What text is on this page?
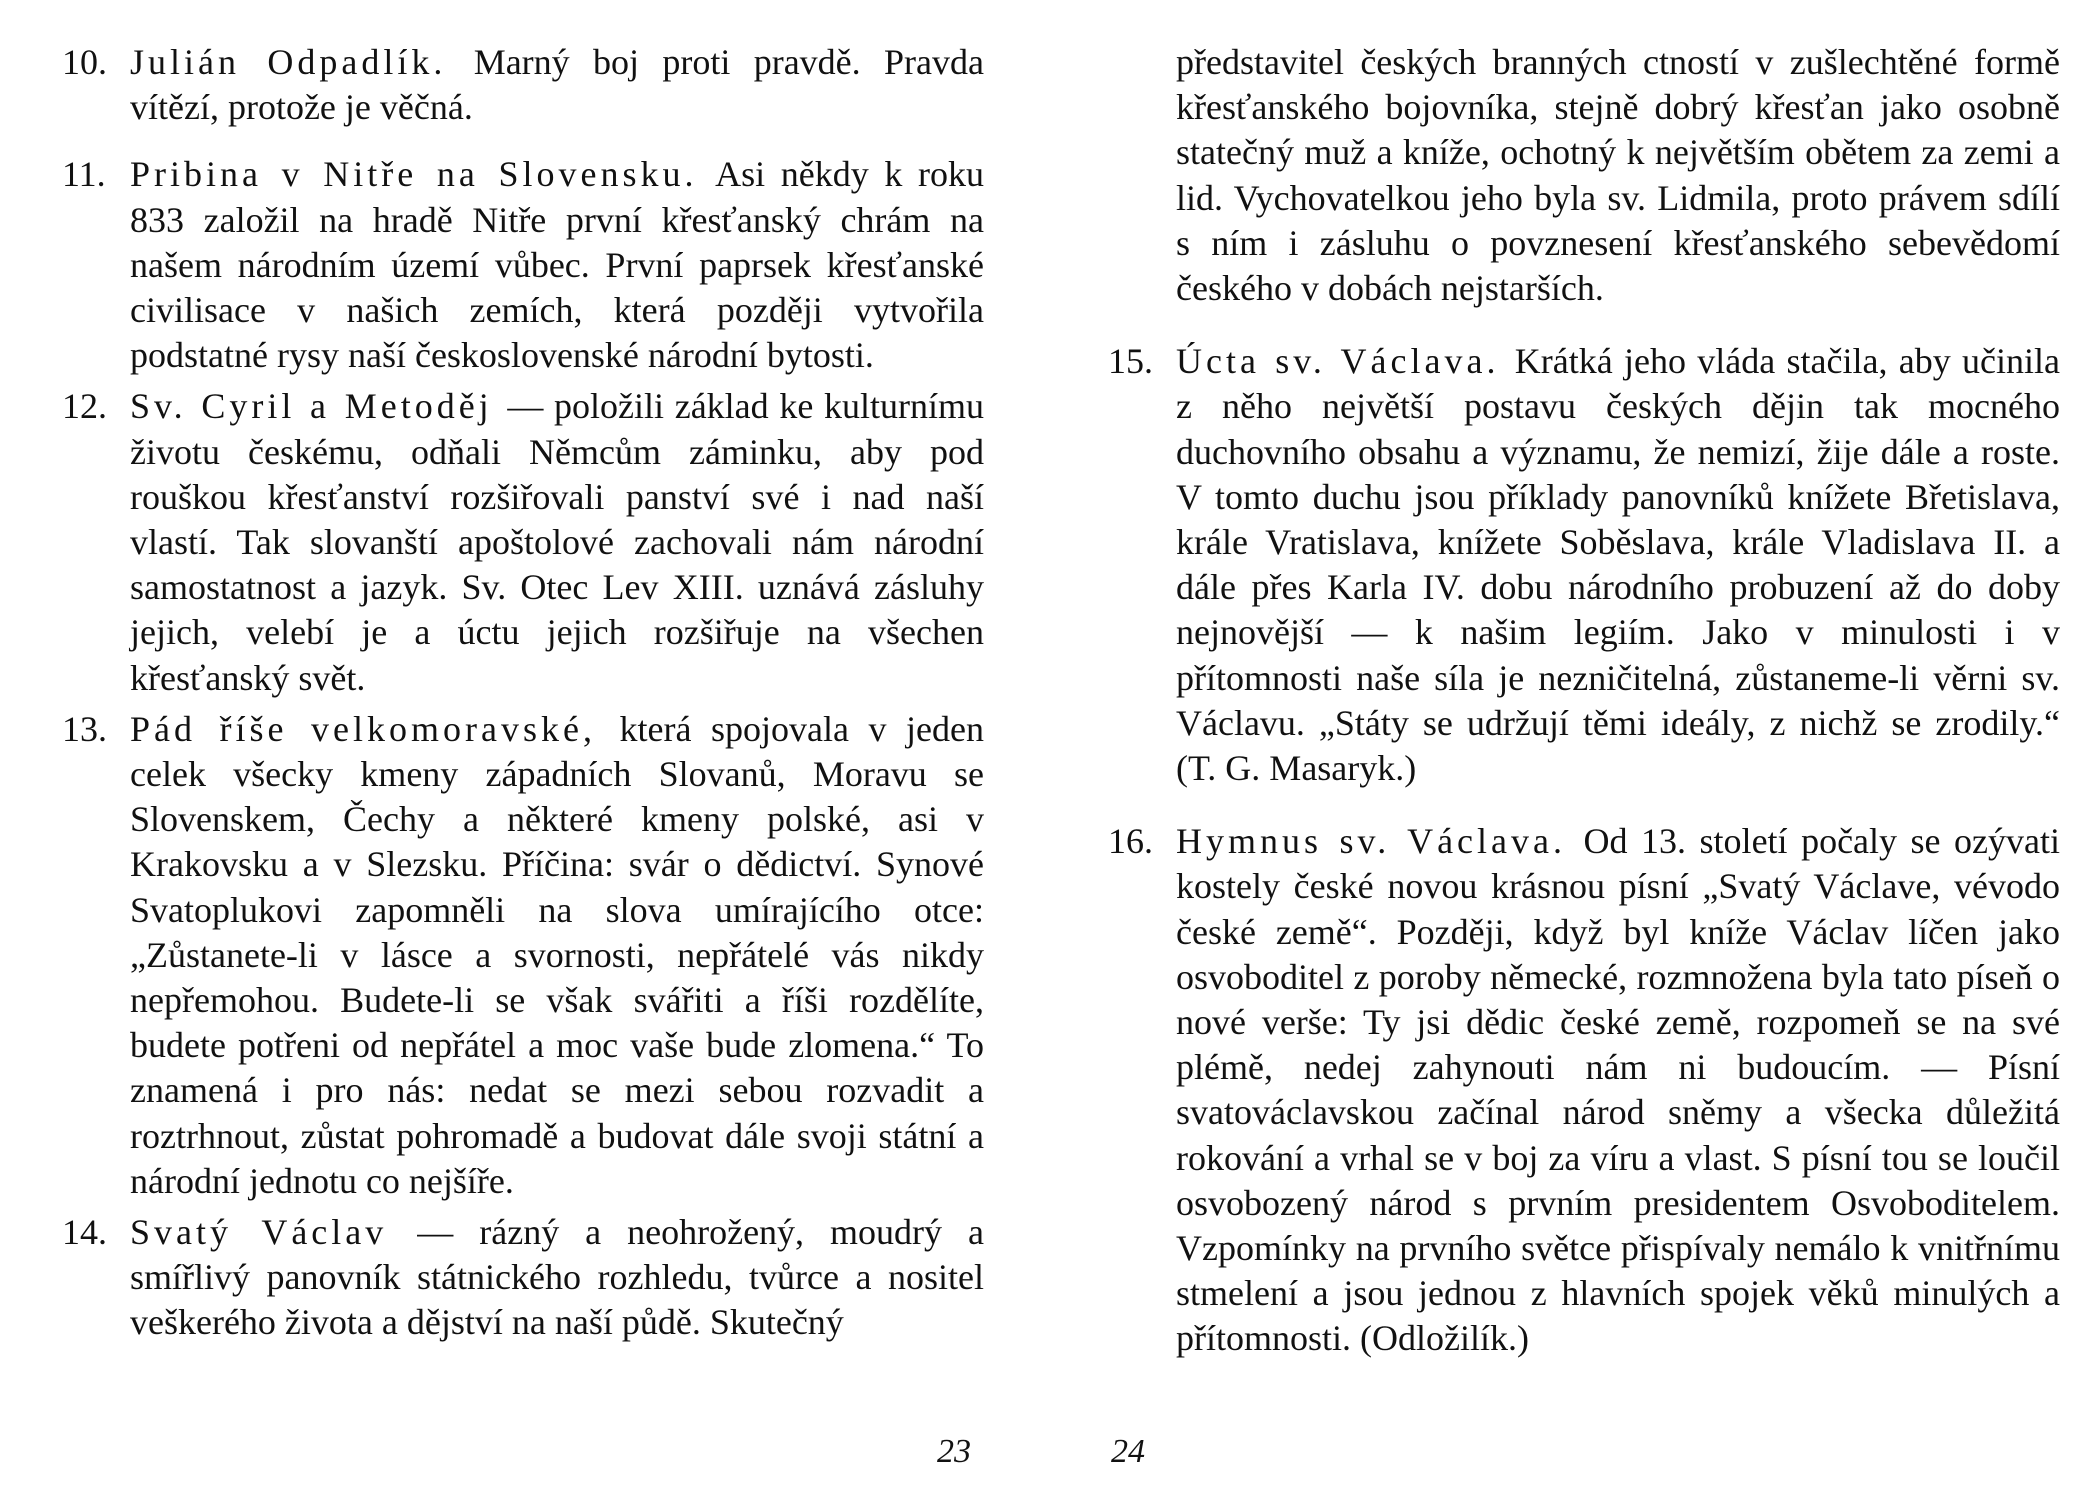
10. Julián Odpadlík. Marný boj proti pravdě. Pravda vítězí, protože je věčná.
11. Pribina v Nitře na Slovensku. Asi někdy k roku 833 založil na hradě Nitře první křesťanský chrám na našem národním území vůbec. První paprsek křesťanské civilisace v našich zemích, která později vytvořila podstatné rysy naší československé národní bytosti.
12. Sv. Cyril a Metoděj — položili základ ke kulturnímu životu českému, odňali Němcům záminku, aby pod rouškou křesťanství rozšiřovali panství své i nad naší vlastí. Tak slovanští apoštolové zachovali nám národní samostatnost a jazyk. Sv. Otec Lev XIII. uznává zásluhy jejich, velebí je a úctu jejich rozšiřuje na všechen křesťanský svět.
13. Pád říše velkomoravské, která spojovala v jeden celek všecky kmeny západních Slovanů, Moravu se Slovenskem, Čechy a některé kmeny polské, asi v Krakovsku a v Slezsku. Příčina: svár o dědictví. Synové Svatoplukovi zapomněli na slova umírajícího otce: „Zůstanete-li v lásce a svornosti, nepřátelé vás nikdy nepřemohou. Budete-li se však svářiti a říši rozdělíte, budete potřeni od nepřátel a moc vaše bude zlomena.“ To znamená i pro nás: nedat se mezi sebou rozvadit a roztrhnout, zůstat pohromadě a budovat dále svoji státní a národní jednotu co nejšíře.
14. Svatý Václav — rázný a neohrožený, moudrý a smířlivý panovník státnického rozhledu, tvůrce a nositel veškerého života a dějství na naší půdě. Skutečný
23
představitel českých branných ctností v zušlechtěné formě křesťanského bojovníka, stejně dobrý křesťan jako osobně statečný muž a kníže, ochotný k největším obětem za zemi a lid. Vychovatelkou jeho byla sv. Lidmila, proto právem sdílí s ním i zásluhu o povznesení křesťanského sebevědomí českého v dobách nejstarších.
15. Úcta sv. Václava. Krátká jeho vláda stačila, aby učinila z něho největší postavu českých dějin tak mocného duchovního obsahu a významu, že nemizí, žije dále a roste. V tomto duchu jsou příklady panovníků knížete Břetislava, krále Vratislava, knížete Soběslava, krále Vladislava II. a dále přes Karla IV. dobu národního probuzení až do doby nejnovější — k našim legiím. Jako v minulosti i v přítomnosti naše síla je nezničitelná, zůstaneme-li věrni sv. Václavu. „Státy se udržují těmi ideály, z nichž se zrodily.“ (T. G. Masaryk.)
16. Hymnus sv. Václava. Od 13. století počaly se ozývati kostely české novou krásnou písní „Svatý Václave, vévodo české země“. Později, když byl kníže Václav líčen jako osvoboditel z poroby německé, rozmnožena byla tato píseň o nové verše: Ty jsi dědic české země, rozpomeň se na své plémě, nedej zahynouti nám ni budoucím. — Písní svatováclavskou začínal národ sněmy a všecka důležitá rokování a vrhal se v boj za víru a vlast. S písní tou se loučil osvobozený národ s prvním presidentem Osvoboditelem. Vzpomínky na prvního světce přispívaly nemálo k vnitřnímu stmelení a jsou jednou z hlavních spojek věků minulých a přítomnosti. (Odložilík.)
24
